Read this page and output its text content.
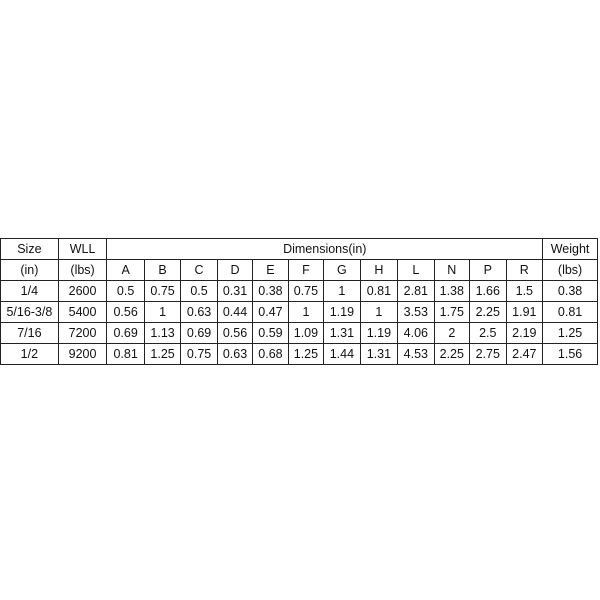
Size	WLL	Dimensions(in)												Weight
(in)	(lbs)	A	B	C	D	E	F	G	H	L	N	P	R	(lbs)
1/4	2600	0.5	0.75	0.5	0.31	0.38	0.75	1	0.81	2.81	1.38	1.66	1.5	0.38
5/16-3/8	5400	0.56	1	0.63	0.44	0.47	1	1.19	1	3.53	1.75	2.25	1.91	0.81
7/16	7200	0.69	1.13	0.69	0.56	0.59	1.09	1.31	1.19	4.06	2	2.5	2.19	1.25
1/2	9200	0.81	1.25	0.75	0.63	0.68	1.25	1.44	1.31	4.53	2.25	2.75	2.47	1.56
